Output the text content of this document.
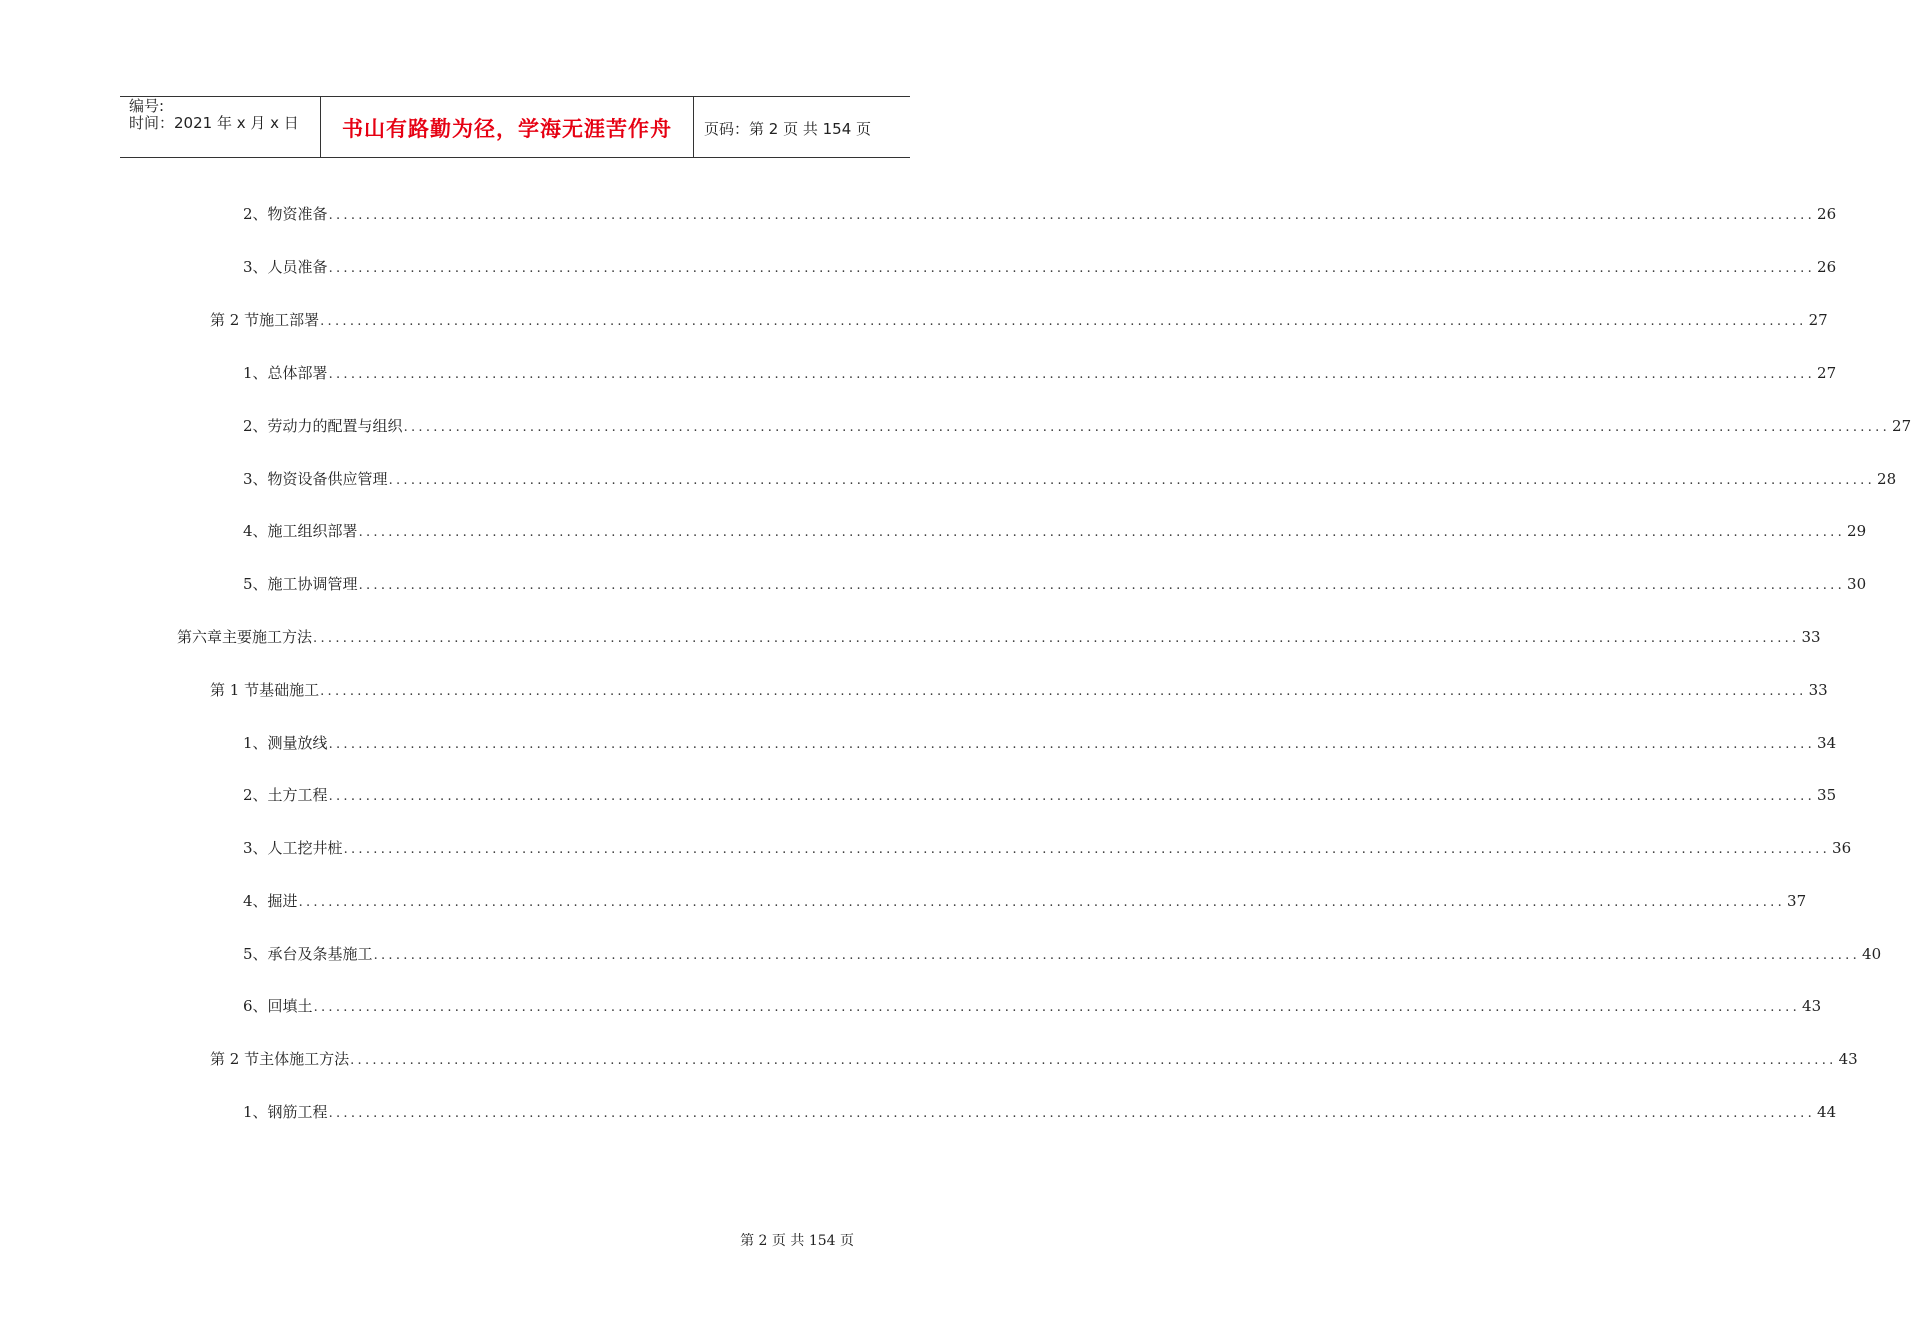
编号:
时间：2021 年 x 月 x 日 书山有路勤为径，学海无涯苦作舟 页码：第 2 页 共 154 页
2、 物资准备 ........................................................................................................................................................................................................ 26
3、 人员准备 ........................................................................................................................................................................................................ 26
第 2 节 施工部署 ........................................................................................................................................................................................................ 27
1、 总体部署 ........................................................................................................................................................................................................ 27
2、 劳动力的配置与组织 ........................................................................................................................................................................................................ 27
3、 物资设备供应管理 ........................................................................................................................................................................................................ 28
4、 施工组织部署 ........................................................................................................................................................................................................ 29
5、 施工协调管理 ........................................................................................................................................................................................................ 30
第六章 主要施工方法 ........................................................................................................................................................................................................ 33
第 1 节 基础施工 ........................................................................................................................................................................................................ 33
1、 测量放线 ........................................................................................................................................................................................................ 34
2、 土方工程 ........................................................................................................................................................................................................ 35
3、 人工挖井桩 ........................................................................................................................................................................................................ 36
4、 掘进 ........................................................................................................................................................................................................ 37
5、 承台及条基施工 ........................................................................................................................................................................................................ 40
6、 回填土 ........................................................................................................................................................................................................ 43
第 2 节 主体施工方法 ........................................................................................................................................................................................................ 43
1、 钢筋工程 ........................................................................................................................................................................................................ 44
第 2 页 共 154 页
